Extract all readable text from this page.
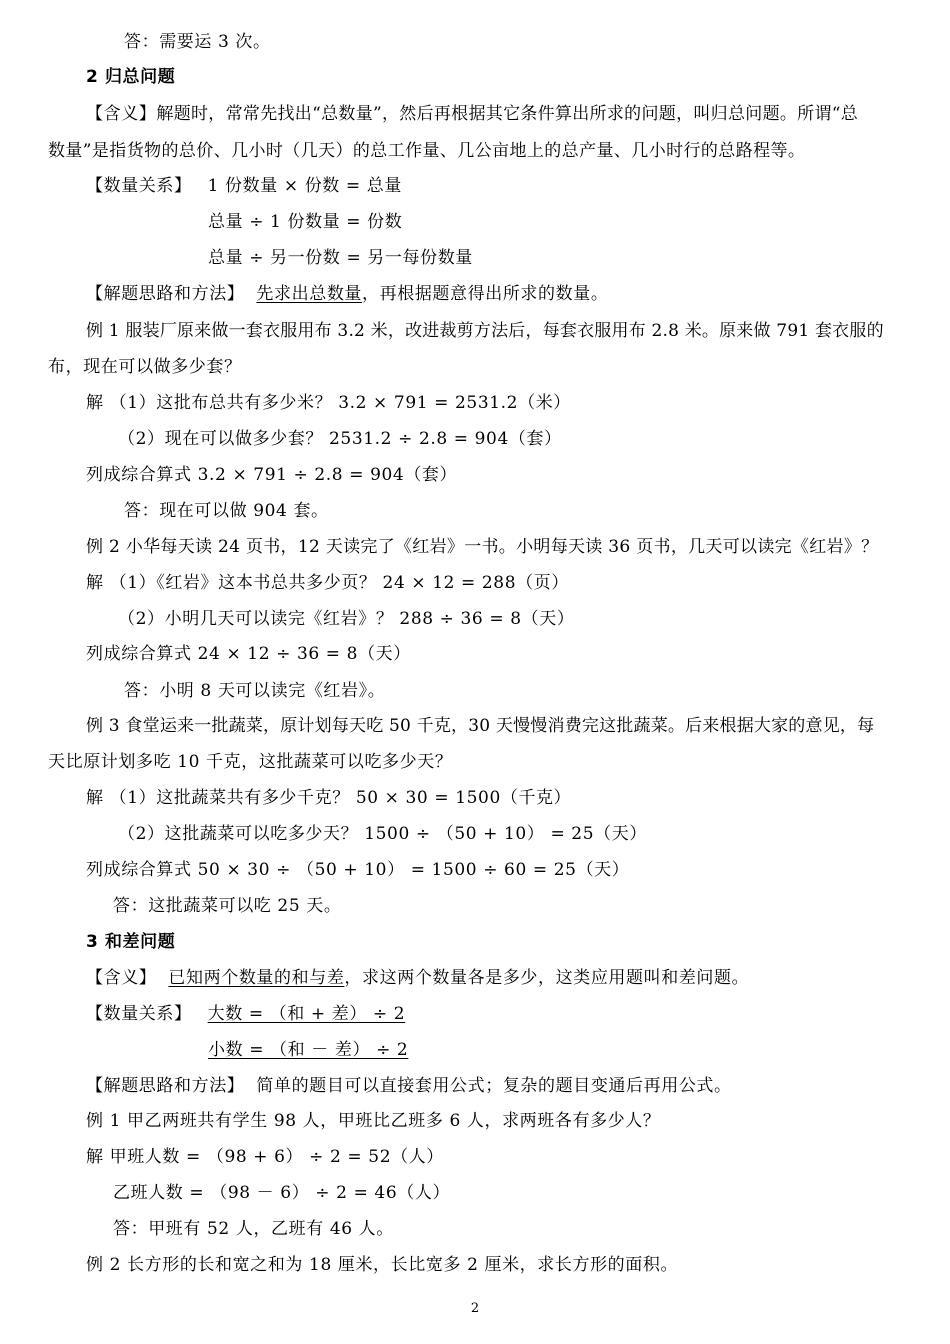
答：需要运 3 次。
2 归总问题
【含义】解题时，常常先找出“总数量”，然后再根据其它条件算出所求的问题，叫归总问题。所谓“总
数量”是指货物的总价、几小时（几天）的总工作量、几公亩地上的总产量、几小时行的总路程等。
【数量关系】 1 份数量 × 份数 = 总量
总量 ÷ 1 份数量 = 份数
总量 ÷ 另一份数 = 另一每份数量
【解题思路和方法】 先求出总数量，再根据题意得出所求的数量。
例 1 服装厂原来做一套衣服用布 3.2 米，改进裁剪方法后，每套衣服用布 2.8 米。原来做 791 套衣服的
布，现在可以做多少套？
解 （1）这批布总共有多少米？ 3.2 × 791 = 2531.2（米）
（2）现在可以做多少套？ 2531.2 ÷ 2.8 = 904（套）
列成综合算式 3.2 × 791 ÷ 2.8 = 904（套）
答：现在可以做 904 套。
例 2 小华每天读 24 页书，12 天读完了《红岩》一书。小明每天读 36 页书，几天可以读完《红岩》？
解 （1）《红岩》这本书总共多少页？ 24 × 12 = 288（页）
（2）小明几天可以读完《红岩》？ 288 ÷ 36 = 8（天）
列成综合算式 24 × 12 ÷ 36 = 8（天）
答：小明 8 天可以读完《红岩》。
例 3 食堂运来一批蔬菜，原计划每天吃 50 千克，30 天慢慢消费完这批蔬菜。后来根据大家的意见，每
天比原计划多吃 10 千克，这批蔬菜可以吃多少天？
解 （1）这批蔬菜共有多少千克？ 50 × 30 = 1500（千克）
（2）这批蔬菜可以吃多少天？ 1500 ÷ （50 + 10） = 25（天）
列成综合算式 50 × 30 ÷ （50 + 10） = 1500 ÷ 60 = 25（天）
答：这批蔬菜可以吃 25 天。
3 和差问题
【含义】 已知两个数量的和与差，求这两个数量各是多少，这类应用题叫和差问题。
【数量关系】 大数 = （和 + 差） ÷ 2
小数 = （和 － 差） ÷ 2
【解题思路和方法】 简单的题目可以直接套用公式；复杂的题目变通后再用公式。
例 1 甲乙两班共有学生 98 人，甲班比乙班多 6 人，求两班各有多少人？
解 甲班人数 = （98 + 6） ÷ 2 = 52（人）
乙班人数 = （98 － 6） ÷ 2 = 46（人）
答：甲班有 52 人，乙班有 46 人。
例 2 长方形的长和宽之和为 18 厘米，长比宽多 2 厘米，求长方形的面积。
2
